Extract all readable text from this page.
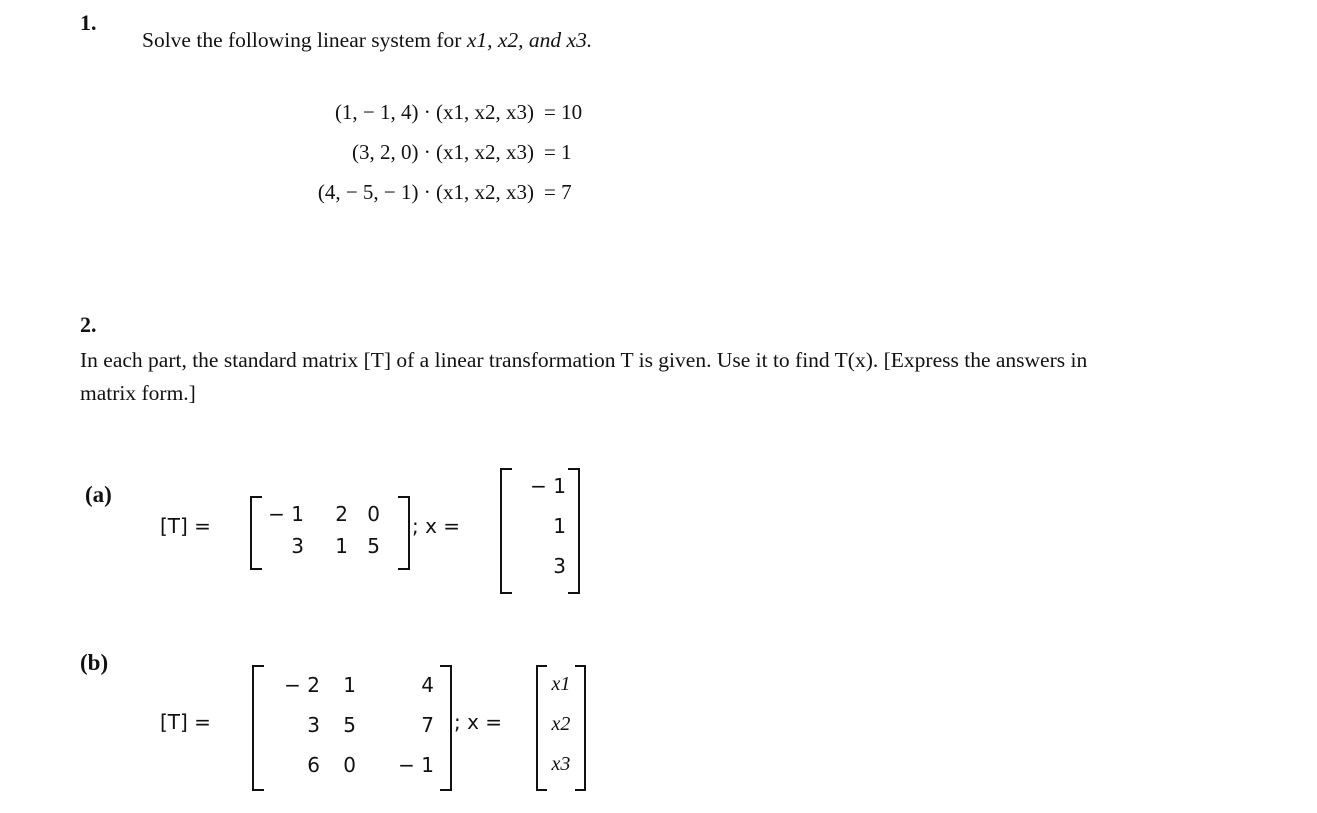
1.
Solve the following linear system for x1, x2, and x3.
(1, − 1, 4) · (x1, x2, x3) = 10
(3, 2, 0) · (x1, x2, x3) = 1
(4, − 5, − 1) · (x1, x2, x3) = 7
2.
In each part, the standard matrix [T] of a linear transformation T is given. Use it to find T(x). [Express the answers in
matrix form.]
(a)
[T] =	− 1	2 0
3	1 5
; x =
− 1
1
3
(b)
[T] =
− 2	1	4
3	5	7
6	0	− 1
; x =
x1
x2
x3
